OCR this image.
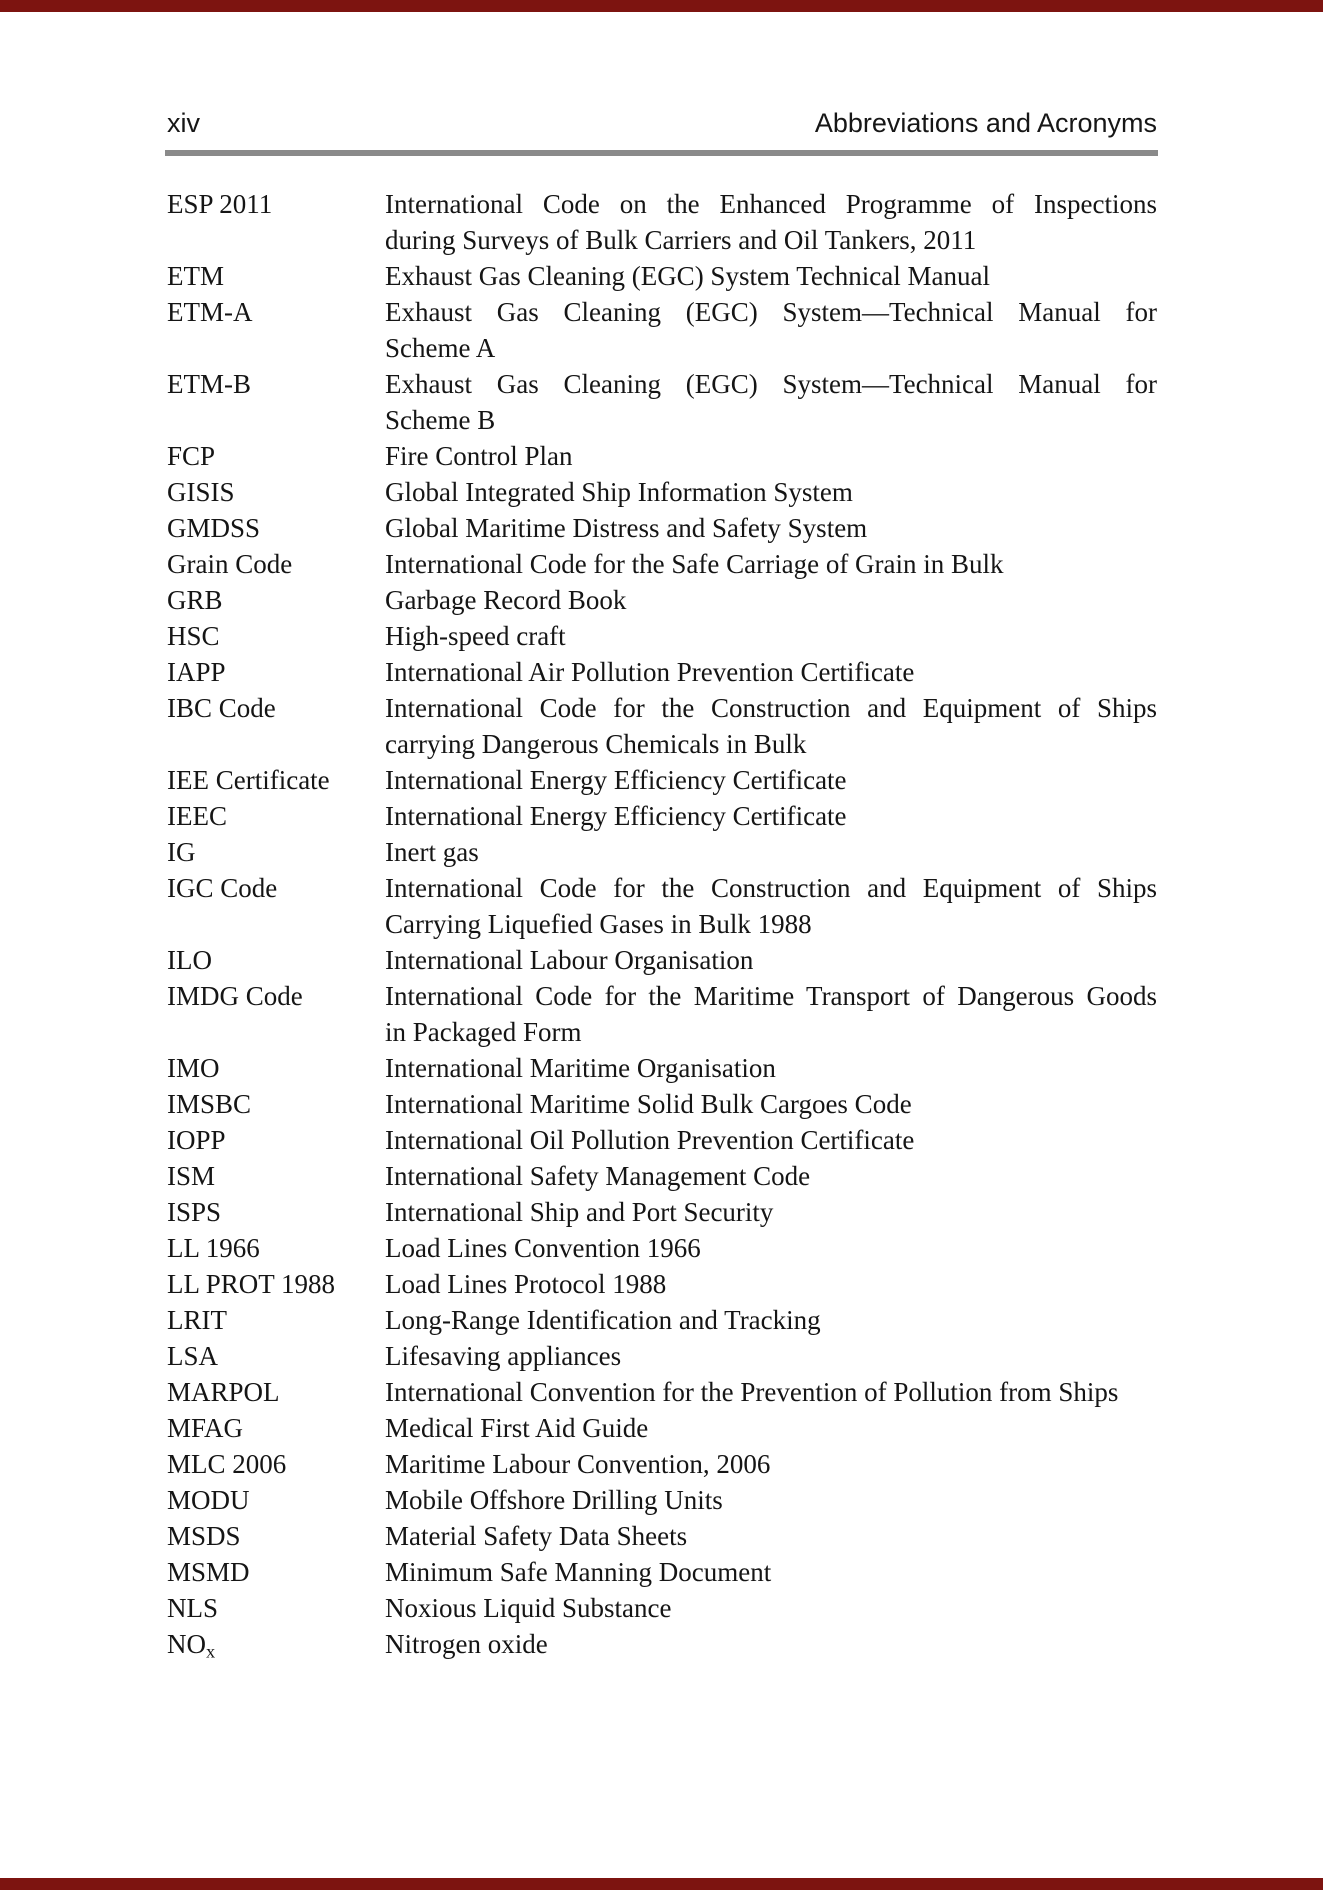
xiv	Abbreviations and Acronyms
ESP 2011	International Code on the Enhanced Programme of Inspections
during Surveys of Bulk Carriers and Oil Tankers, 2011
ETM	Exhaust Gas Cleaning (EGC) System Technical Manual
ETM-A	Exhaust Gas Cleaning (EGC) System—Technical Manual for
Scheme A
ETM-B	Exhaust Gas Cleaning (EGC) System—Technical Manual for
Scheme B
FCP	Fire Control Plan
GISIS	Global Integrated Ship Information System
GMDSS	Global Maritime Distress and Safety System
Grain Code	International Code for the Safe Carriage of Grain in Bulk
GRB	Garbage Record Book
HSC	High-speed craft
IAPP	International Air Pollution Prevention Certificate
IBC Code	International Code for the Construction and Equipment of Ships
carrying Dangerous Chemicals in Bulk
IEE Certificate	International Energy Efficiency Certificate
IEEC	International Energy Efficiency Certificate
IG	Inert gas
IGC Code	International Code for the Construction and Equipment of Ships
Carrying Liquefied Gases in Bulk 1988
ILO	International Labour Organisation
IMDG Code	International Code for the Maritime Transport of Dangerous Goods
in Packaged Form
IMO	International Maritime Organisation
IMSBC	International Maritime Solid Bulk Cargoes Code
IOPP	International Oil Pollution Prevention Certificate
ISM	International Safety Management Code
ISPS	International Ship and Port Security
LL 1966	Load Lines Convention 1966
LL PROT 1988	Load Lines Protocol 1988
LRIT	Long-Range Identification and Tracking
LSA	Lifesaving appliances
MARPOL	International Convention for the Prevention of Pollution from Ships
MFAG	Medical First Aid Guide
MLC 2006	Maritime Labour Convention, 2006
MODU	Mobile Offshore Drilling Units
MSDS	Material Safety Data Sheets
MSMD	Minimum Safe Manning Document
NLS	Noxious Liquid Substance
$NO_x$	Nitrogen oxide
